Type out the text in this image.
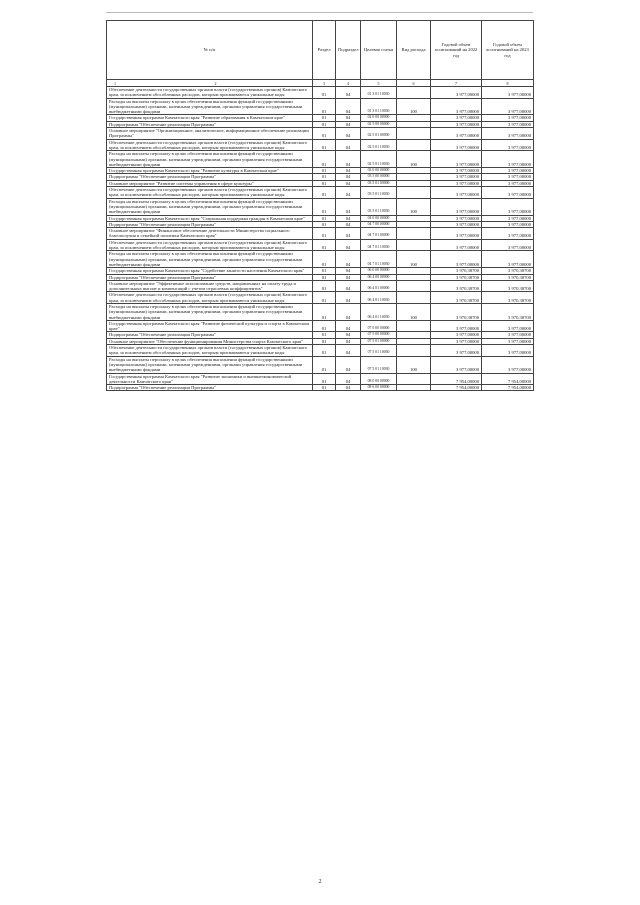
№ п/п	Раздел	Подраздел	Целевая статья	Вид расхода	Годовой объем ассигнований на 2022 год	Годовой объем ассигнований на 2023 год

1 2	3	4	5	6	7	8
Обеспечение деятельности государственных органов власти (государственных органов) Камчатского края, за исключением обособленных расходов, которым присваиваются уникальные коды	01	04	01 3 01 10030		3 977,00000	3 977,00000
Расходы на выплаты персоналу в целях обеспечения выполнения функций государственными (муниципальными) органами, казенными учреждениями, органами управления государственными внебюджетными фондами	01	04	01 3 01 10030	100	3 977,00000	3 977,00000
Государственная программа Камчатского края "Развитие образования в Камчатском крае"	01	04	02 0 00 00000		3 977,00000	3 977,00000
Подпрограмма "Обеспечение реализации Программы"	01	04	02 5 00 00000		3 977,00000	3 977,00000
Основное мероприятие "Организационное, аналитическое, информационное обеспечение реализации Программы"	01	04	02 5 01 00000		3 977,00000	3 977,00000
Обеспечение деятельности государственных органов власти (государственных органов) Камчатского края, за исключением обособленных расходов, которым присваиваются уникальные коды	01	04	02 5 01 10030		3 977,00000	3 977,00000
Расходы на выплаты персоналу в целях обеспечения выполнения функций государственными (муниципальными) органами, казенными учреждениями, органами управления государственными внебюджетными фондами	01	04	02 5 01 10030	100	3 977,00000	3 977,00000
Государственная программа Камчатского края "Развитие культуры в Камчатском крае"	01	04	03 0 00 00000		3 977,00000	3 977,00000
Подпрограмма "Обеспечение реализации Программы"	01	04	03 5 00 00000		3 977,00000	3 977,00000
Основное мероприятие "Развитие системы управления в сфере культуры"	01	04	03 5 01 00000		3 977,00000	3 977,00000
Обеспечение деятельности государственных органов власти (государственных органов) Камчатского края, за исключением обособленных расходов, которым присваиваются уникальные коды	01	04	03 5 01 10030		3 977,00000	3 977,00000
Расходы на выплаты персоналу в целях обеспечения выполнения функций государственными (муниципальными) органами, казенными учреждениями, органами управления государственными внебюджетными фондами	01	04	03 5 01 10030	100	3 977,00000	3 977,00000
Государственная программа Камчатского края "Социальная поддержка граждан в Камчатском крае"	01	04	04 0 00 00000		3 977,00000	3 977,00000
Подпрограмма "Обеспечение реализации Программы"	01	04	04 7 00 00000		3 977,00000	3 977,00000
Основное мероприятие "Финансовое обеспечение деятельности Министерства социального благополучия и семейной политики Камчатского края"	01	04	04 7 01 00000		3 977,00000	3 977,00000
Обеспечение деятельности государственных органов власти (государственных органов) Камчатского края, за исключением обособленных расходов, которым присваиваются уникальные коды	01	04	04 7 01 10030		3 977,00000	3 977,00000
Расходы на выплаты персоналу в целях обеспечения выполнения функций государственными (муниципальными) органами, казенными учреждениями, органами управления государственными внебюджетными фондами	01	04	04 7 01 10030	100	3 977,00000	3 977,00000
Государственная программа Камчатского края "Содействие занятости населения Камчатского края"	01	04	06 0 00 00000		3 970,38700	3 970,38700
Подпрограмма "Обеспечение реализации Программы"	01	04	06 4 00 00000		3 970,38700	3 970,38700
Основное мероприятие "Эффективное использование средств, направленных на оплату труда и дополнительных выплат и компенсаций с учетом отраслевых коэффициентов"	01	04	06 4 01 00000		3 970,38700	3 970,38700
Обеспечение деятельности государственных органов власти (государственных органов) Камчатского края, за исключением обособленных расходов, которым присваиваются уникальные коды	01	04	06 4 01 10030		3 970,38700	3 970,38700
Расходы на выплаты персоналу в целях обеспечения выполнения функций государственными (муниципальными) органами, казенными учреждениями, органами управления государственными внебюджетными фондами	01	04	06 4 01 10030	100	3 970,38700	3 970,38700
Государственная программа Камчатского края "Развитие физической культуры и спорта в Камчатском крае"	01	04	07 0 00 00000		3 977,00000	3 977,00000
Подпрограмма "Обеспечение реализации Программы"	01	04	07 5 00 00000		3 977,00000	3 977,00000
Основное мероприятие "Обеспечение функционирования Министерства спорта Камчатского края"	01	04	07 5 01 00000		3 977,00000	3 977,00000
Обеспечение деятельности государственных органов власти (государственных органов) Камчатского края, за исключением обособленных расходов, которым присваиваются уникальные коды	01	04	07 5 01 10030		3 977,00000	3 977,00000
Расходы на выплаты персоналу в целях обеспечения выполнения функций государственными (муниципальными) органами, казенными учреждениями, органами управления государственными внебюджетными фондами	01	04	07 5 01 10030	100	3 977,00000	3 977,00000
Государственная программа Камчатского края "Развитие экономики и внешнеэкономической деятельности Камчатского края"	01	04	08 0 00 00000		7 954,00000	7 954,00000
Подпрограмма "Обеспечение реализации Программы"	01	04	08 6 00 00000		7 954,00000	7 954,00000
2
